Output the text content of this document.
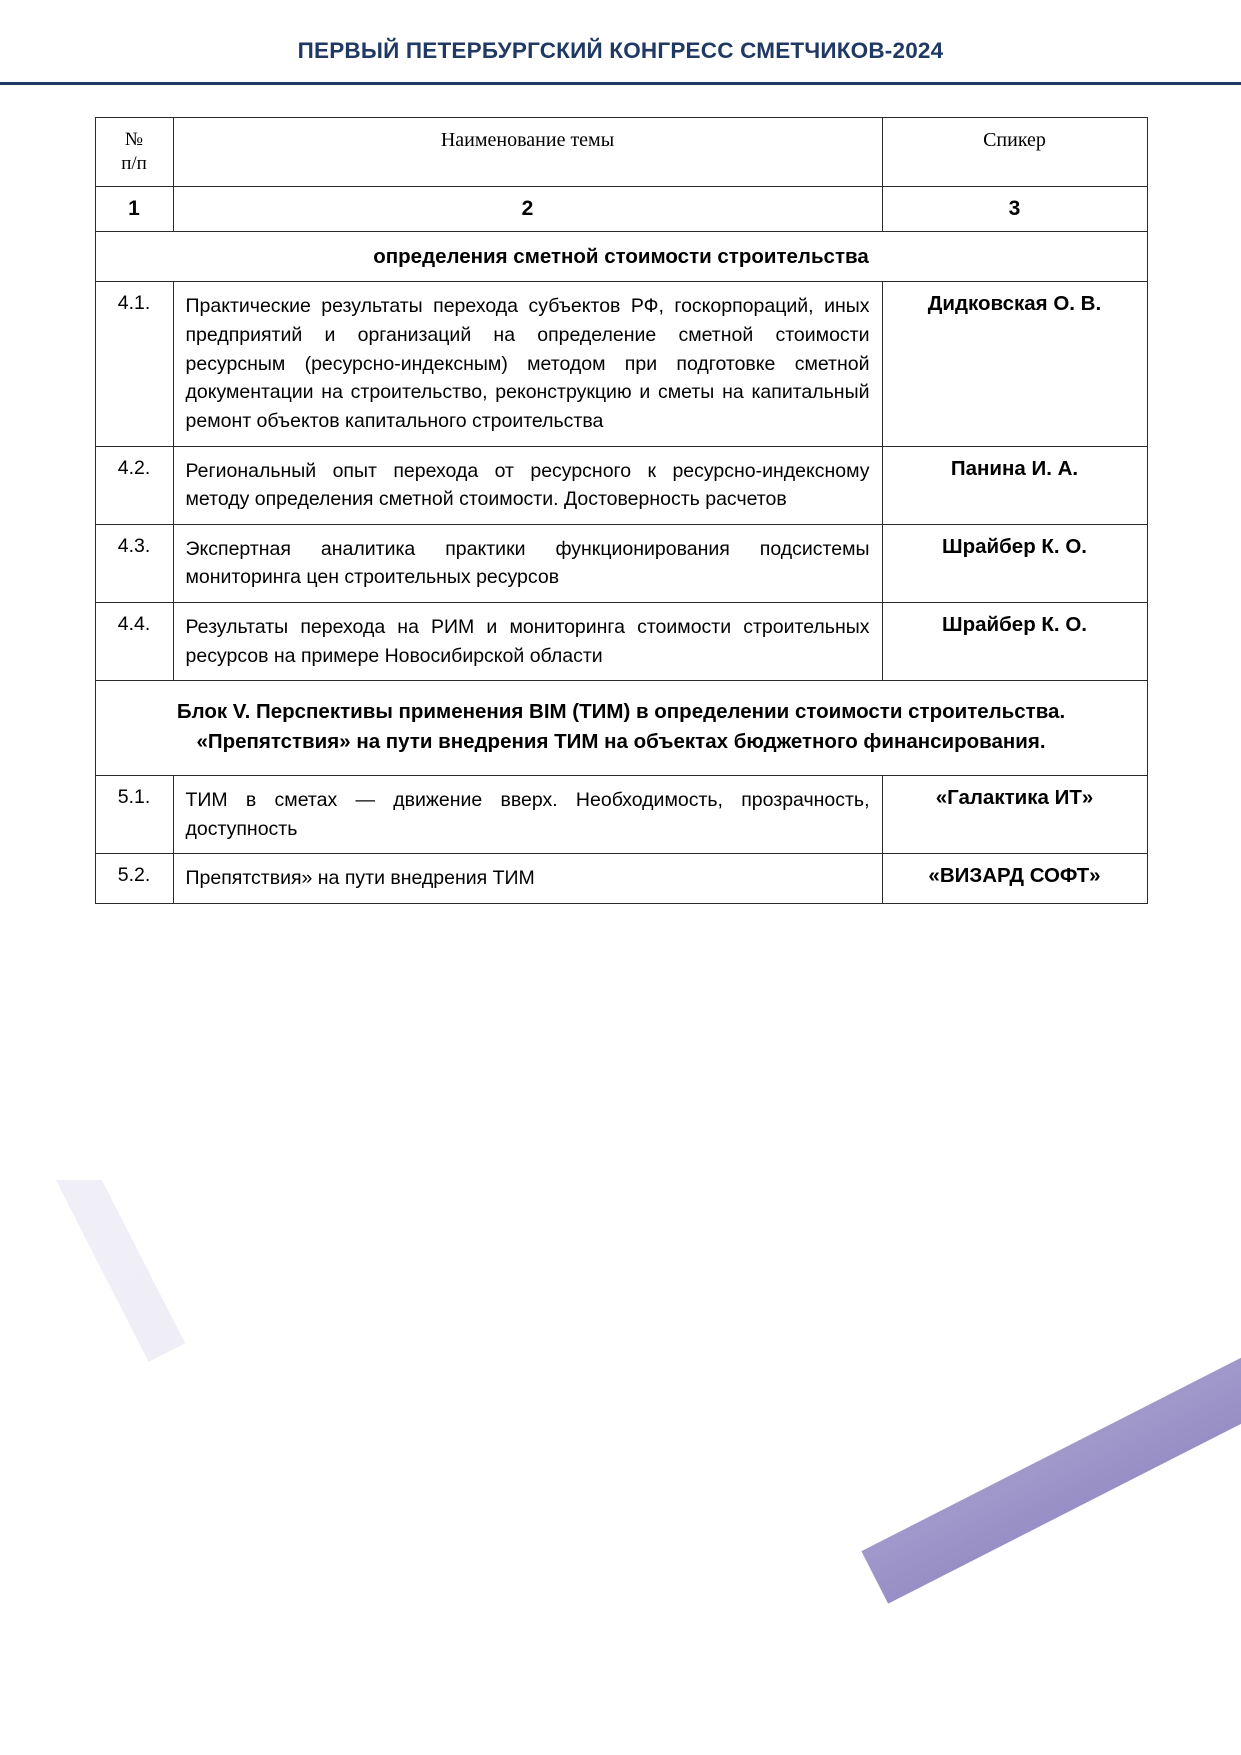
ПЕРВЫЙ ПЕТЕРБУРГСКИЙ КОНГРЕСС СМЕТЧИКОВ-2024
№
п/п	Наименование темы	Спикер
1	2	3
определения сметной стоимости строительства		
4.1.	Практические результаты перехода субъектов РФ, госкорпораций, иных предприятий и организаций на определение сметной стоимости ресурсным (ресурсно-индексным) методом при подготовке сметной документации на строительство, реконструкцию и сметы на капитальный ремонт объектов капитального строительства	Дидковская О. В.
4.2.	Региональный опыт перехода от ресурсного к ресурсно-индексному методу определения сметной стоимости. Достоверность расчетов	Панина И. А.
4.3.	Экспертная аналитика практики функционирования подсистемы мониторинга цен строительных ресурсов	Шрайбер К. О.
4.4.	Результаты перехода на РИМ и мониторинга стоимости строительных ресурсов на примере Новосибирской области	Шрайбер К. О.

Блок V. Перспективы применения BIM (ТИМ) в определении стоимости строительства.
«Препятствия» на пути внедрения ТИМ на объектах бюджетного финансирования.		

5.1.	ТИМ в сметах — движение вверх. Необходимость, прозрачность, доступность	«Галактика ИТ»
5.2.	Препятствия» на пути внедрения ТИМ	«ВИЗАРД СОФТ»
